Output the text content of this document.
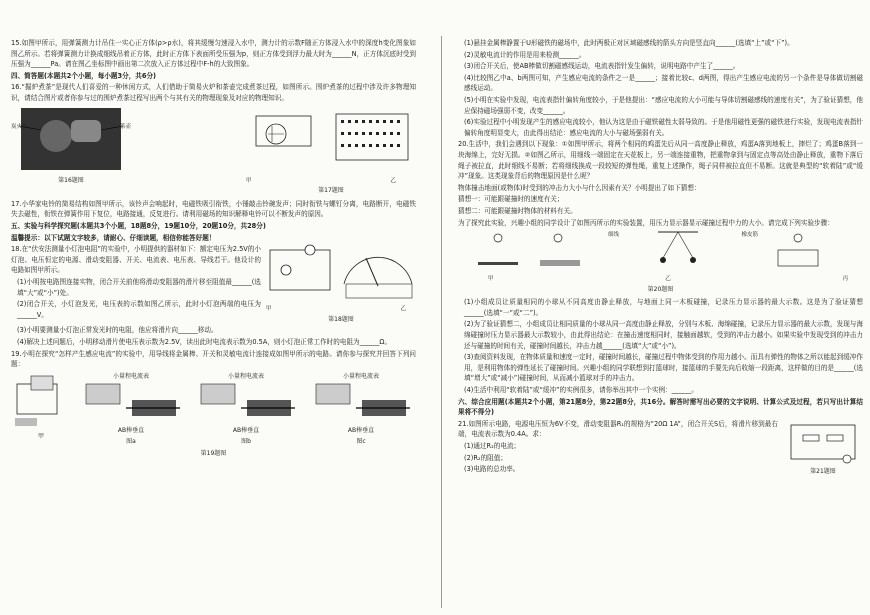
15.如图甲所示，用弹簧测力计吊住一实心正方体(ρ>ρ水)，将其缓慢匀速浸入水中，测力计的示数F随正方体浸入水中的深度h变化图象如图乙所示。若将弹簧测力计换成细线吊着正方体，此时正方体下表面所受压强为p，则正方体受到浮力最大时为______N，正方体沉底时受到压强为______Pa。请在图乙坐标图中画出第二次放入正方体过程中F-h的大致图象。

四、简答题(本题共2个小题，每小题3分，共6分)

16.“掘炉煮茶”是现代人们喜爱的一种休闲方式，人们借助于简易火炉和茶壶完成煮茶过程，如图所示。围炉煮茶的过程中涉及许多物理知识，请结合图片或者你参与过的围炉煮茶过程写出两个与其有关的物理现象及对应的物理知识。

炭火炉	茶壶
第16题图	甲	乙
第17题图

17.小华家电铃的简易结构如图甲所示，该铃声会响起时，电磁铁吸引衔铁，小锤敲击铃碗发声；同时衔铁与螺钉分离，电路断开，电磁铁失去磁性，衔铁在弹簧作用下复位，电路接通，反复进行。请利用磁场的知识解释电铃可以不断发声的原因。

五、实验与科学探究题(本题共3个小题，18题8分，19题10分，20题10分，共28分)

温馨提示：以下试题文字较多，请耐心、仔细读题，相信你能答好题！

18.在“伏安法测量小灯泡电阻”的实验中，小明提供的器材如下：额定电压为2.5V的小灯泡、电压恒定的电源、滑动变阻器、开关、电流表、电压表、导线若干。他设计的电路如图甲所示。

(1)小明按电路图连接实物，闭合开关前他将滑动变阻器的滑片移至阻值最______(选填“大”或“小”)处。

(2)闭合开关，小灯泡发光，电压表的示数如图乙所示，此时小灯泡两端的电压为______V。

甲	乙
第18题图

(3)小明要测量小灯泡正常发光时的电阻，他应将滑片向______移动。

(4)解决上述问题后，小明移动滑片使电压表示数为2.5V，读出此时电流表示数为0.5A，则小灯泡正常工作时的电阻为______Ω。

19.小明在探究“怎样产生感应电流”的实验中，用导线将金属棒、开关和灵敏电流计连接成如图甲所示的电路。请你参与探究并回答下列问题：

甲
小量程电流表
AB棒垂直
图a
小量程电流表
AB棒垂直
图b
小量程电流表
AB棒垂直
图c
第19题图

(1)悬挂金属棒静置于U形磁铁的磁场中，此时两极正对区域磁感线的箭头方向是竖直向______(选填“上”或“下”)。

(2)灵敏电流计的作用是用来检测______。

(3)闭合开关后，使AB棒做切割磁感线运动，电流表指针发生偏转，说明电路中产生了______。

(4)比较图乙中a、b两图可知，产生感应电流的条件之一是______；接着比较c、d两图，得出产生感应电流的另一个条件是导体做切割磁感线运动。

(5)小明在实验中发现，电流表指针偏转角度较小，于是他提出：“感应电流的大小可能与导体切割磁感线的速度有关”，为了验证猜想，他应保持磁场强弱不变，改变______。

(6)实验过程中小明发现产生的感应电流较小，他认为这是由于磁铁磁性太弱导致的。于是他用磁性更强的磁铁进行实验，发现电流表指针偏转角度明显变大，由此得出结论：感应电流的大小与磁场强弱有关。

20.生活中，我们会遇到以下现象：①如图甲所示，将两个相同的鸡蛋先后从同一高度静止释放，鸡蛋A落到地板上，摔烂了；鸡蛋B落到一块海绵上，完好无损。②如图乙所示，用细线一端固定在天花板上，另一端连接重物，把重物拿到与固定点等高处由静止释放，重物下落后绳子被拉直，此时细线不易断；若将细线换成一段较短的弹性绳，重复上述操作，绳子同样被拉直但不易断。这就是典型的“软着陆”或“缓冲”现象。这类现象背后的物理原因是什么呢？

物体撞击地面(或物体)时受到的冲击力大小与什么因素有关？小明提出了如下猜想：

猜想一：可能跟碰撞时的速度有关；

猜想二：可能跟碰撞时物体的材料有关。

为了探究此实验，兴趣小组的同学设计了如图丙所示的实验装置，用压力显示器显示碰撞过程中力的大小。请完成下列实验步骤：

细线	橡皮筋
甲	乙	丙
第20题图

(1)小组成员让质量相同的小球从不同高度由静止释放，与地面上同一木板碰撞，记录压力显示器的最大示数。这是为了验证猜想______(选填“一”或“二”)。

(2)为了验证猜想二，小组成员让相同质量的小球从同一高度由静止释放，分别与木板、海绵碰撞，记录压力显示器的最大示数，发现与海绵碰撞时压力显示器最大示数较小，由此得出结论：在撞击速度相同时，接触面越软，受到的冲击力越小。如果实验中发现受到的冲击力还与碰撞的时间有关，碰撞时间越长，冲击力越______(选填“大”或“小”)。

(3)查阅资料发现，在物体质量和速度一定时，碰撞时间越长，碰撞过程中物体受到的作用力越小。而具有弹性的物体之所以能起到缓冲作用，是利用物体的弹性延长了碰撞时间。兴趣小组的同学联想到打篮球时，接篮球的手要先向后收缩一段距离，这样做的目的是______(选填“增大”或“减小”)碰撞时间，从而减小篮球对手的冲击力。

(4)生活中利用“软着陆”或“缓冲”的实例很多，请你举出其中一个实例：______。

六、综合应用题(本题共2个小题，第21题8分，第22题8分，共16分。解答时需写出必要的文字说明、计算公式及过程，若只写出计算结果将不得分)

21.如图所示电路，电源电压恒为6V不变，滑动变阻器R₁的规格为“20Ω 1A”，闭合开关S后，将滑片移到最右端，电流表示数为0.4A。求：

(1)通过R₂的电流；

(2)R₂的阻值；

(3)电路的总功率。	第21题图
